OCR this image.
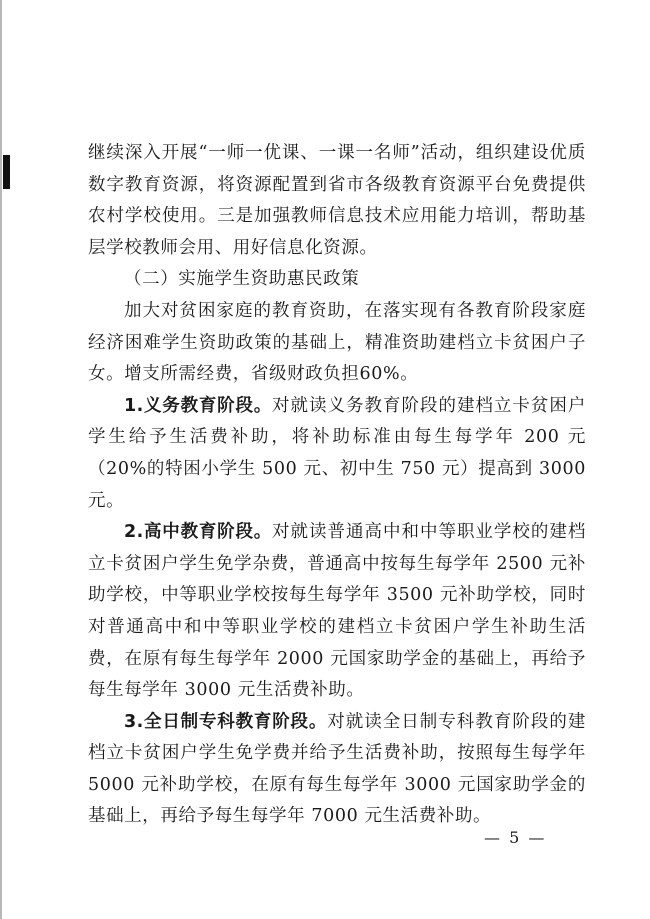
继续深入开展“一师一优课、一课一名师”活动，组织建设优质数字教育资源，将资源配置到省市各级教育资源平台免费提供农村学校使用。三是加强教师信息技术应用能力培训，帮助基层学校教师会用、用好信息化资源。

（二）实施学生资助惠民政策

加大对贫困家庭的教育资助，在落实现有各教育阶段家庭经济困难学生资助政策的基础上，精准资助建档立卡贫困户子女。增支所需经费，省级财政负担60%。

1.义务教育阶段。对就读义务教育阶段的建档立卡贫困户学生给予生活费补助，将补助标准由每生每学年 200 元（20%的特困小学生 500 元、初中生 750 元）提高到 3000 元。

2.高中教育阶段。对就读普通高中和中等职业学校的建档立卡贫困户学生免学杂费，普通高中按每生每学年 2500 元补助学校，中等职业学校按每生每学年 3500 元补助学校，同时对普通高中和中等职业学校的建档立卡贫困户学生补助生活费，在原有每生每学年 2000 元国家助学金的基础上，再给予每生每学年 3000 元生活费补助。

3.全日制专科教育阶段。对就读全日制专科教育阶段的建档立卡贫困户学生免学费并给予生活费补助，按照每生每学年 5000 元补助学校，在原有每生每学年 3000 元国家助学金的基础上，再给予每生每学年 7000 元生活费补助。

— 5 —
